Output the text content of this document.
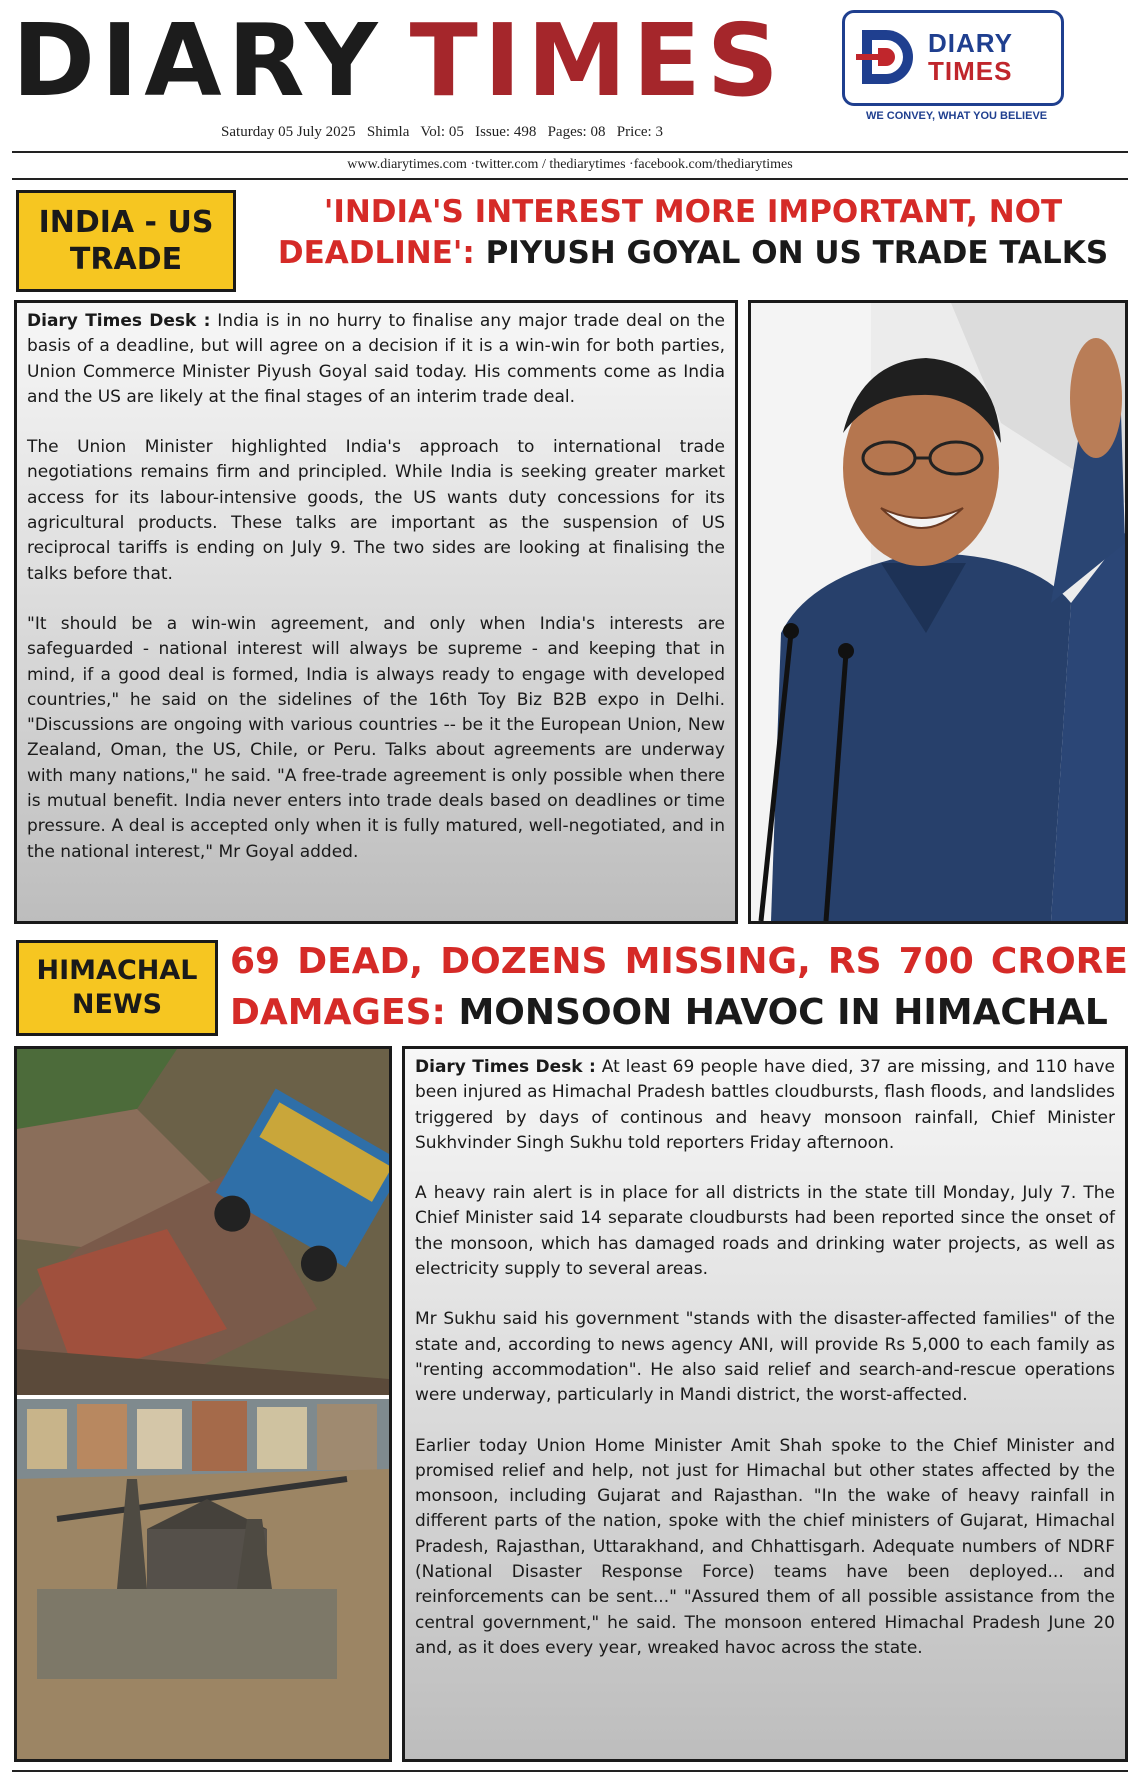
DIARY TIMES	DIARY
TIMES
WE CONVEY, WHAT YOU BELIEVE
Saturday 05 July 2025   Shimla   Vol: 05   Issue: 498   Pages: 08   Price: 3
www.diarytimes.com ·twitter.com / thediarytimes ·facebook.com/thediarytimes
INDIA - US TRADE
'INDIA'S INTEREST MORE IMPORTANT, NOT DEADLINE': PIYUSH GOYAL ON US TRADE TALKS

Diary Times Desk : India is in no hurry to finalise any major trade deal on the basis of a deadline, but will agree on a decision if it is a win-win for both parties, Union Commerce Minister Piyush Goyal said today. His comments come as India and the US are likely at the final stages of an interim trade deal.

The Union Minister highlighted India's approach to international trade negotiations remains firm and principled. While India is seeking greater market access for its labour-intensive goods, the US wants duty concessions for its agricultural products. These talks are important as the suspension of US reciprocal tariffs is ending on July 9. The two sides are looking at finalising the talks before that.

"It should be a win-win agreement, and only when India's interests are safeguarded - national interest will always be supreme - and keeping that in mind, if a good deal is formed, India is always ready to engage with developed countries," he said on the sidelines of the 16th Toy Biz B2B expo in Delhi. "Discussions are ongoing with various countries -- be it the European Union, New Zealand, Oman, the US, Chile, or Peru. Talks about agreements are underway with many nations," he said. "A free-trade agreement is only possible when there is mutual benefit. India never enters into trade deals based on deadlines or time pressure. A deal is accepted only when it is fully matured, well-negotiated, and in the national interest," Mr Goyal added.

HIMACHAL NEWS
69 DEAD, DOZENS MISSING, RS 700 CRORE DAMAGES: MONSOON HAVOC IN HIMACHAL

Diary Times Desk : At least 69 people have died, 37 are missing, and 110 have been injured as Himachal Pradesh battles cloudbursts, flash floods, and landslides triggered by days of continous and heavy monsoon rainfall, Chief Minister Sukhvinder Singh Sukhu told reporters Friday afternoon.

A heavy rain alert is in place for all districts in the state till Monday, July 7. The Chief Minister said 14 separate cloudbursts had been reported since the onset of the monsoon, which has damaged roads and drinking water projects, as well as electricity supply to several areas.

Mr Sukhu said his government "stands with the disaster-affected families" of the state and, according to news agency ANI, will provide Rs 5,000 to each family as "renting accommodation". He also said relief and search-and-rescue operations were underway, particularly in Mandi district, the worst-affected.

Earlier today Union Home Minister Amit Shah spoke to the Chief Minister and promised relief and help, not just for Himachal but other states affected by the monsoon, including Gujarat and Rajasthan. "In the wake of heavy rainfall in different parts of the nation, spoke with the chief ministers of Gujarat, Himachal Pradesh, Rajasthan, Uttarakhand, and Chhattisgarh. Adequate numbers of NDRF (National Disaster Response Force) teams have been deployed... and reinforcements can be sent..." "Assured them of all possible assistance from the central government," he said. The monsoon entered Himachal Pradesh June 20 and, as it does every year, wreaked havoc across the state.
